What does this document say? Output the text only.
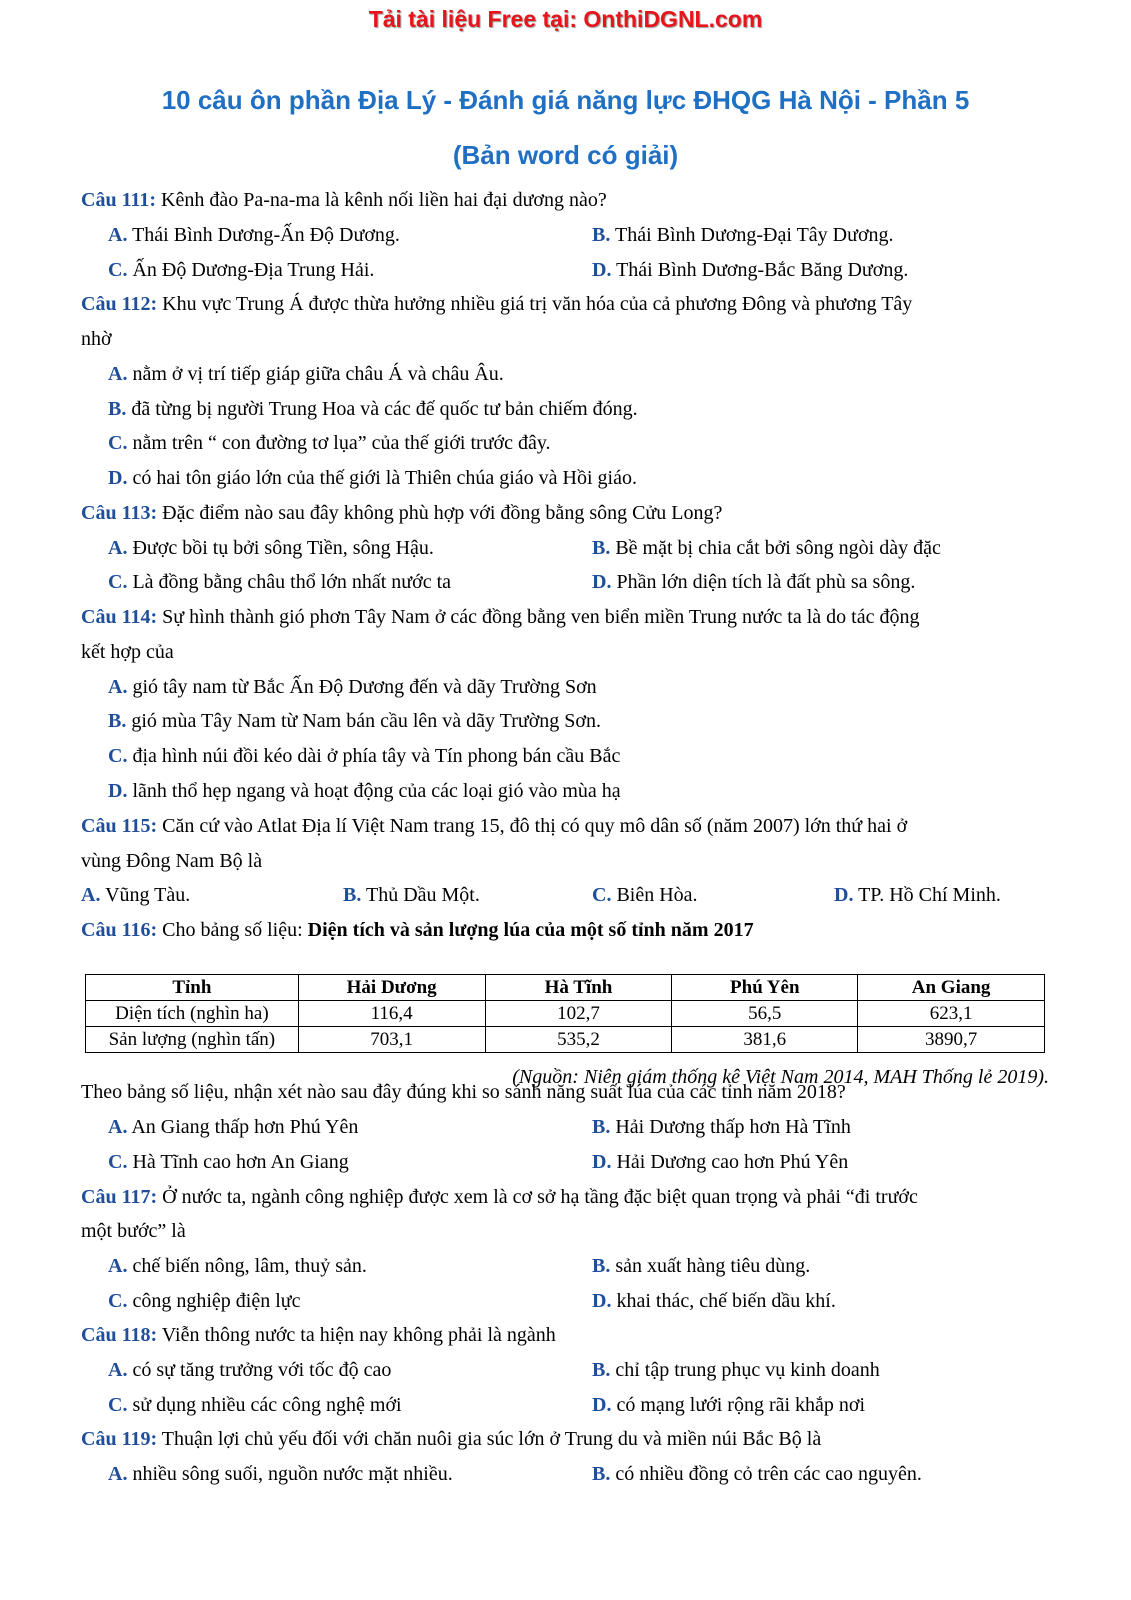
Tải tài liệu Free tại: OnthiDGNL.com
10 câu ôn phần Địa Lý - Đánh giá năng lực ĐHQG Hà Nội - Phần 5
(Bản word có giải)
Câu 111: Kênh đào Pa-na-ma là kênh nối liền hai đại dương nào?
A. Thái Bình Dương-Ấn Độ Dương.	B. Thái Bình Dương-Đại Tây Dương.
C. Ấn Độ Dương-Địa Trung Hải.	D. Thái Bình Dương-Bắc Băng Dương.
Câu 112: Khu vực Trung Á được thừa hưởng nhiều giá trị văn hóa của cả phương Đông và phương Tây
nhờ
A. nằm ở vị trí tiếp giáp giữa châu Á và châu Âu.
B. đã từng bị người Trung Hoa và các đế quốc tư bản chiếm đóng.
C. nằm trên “ con đường tơ lụa” của thế giới trước đây.
D. có hai tôn giáo lớn của thế giới là Thiên chúa giáo và Hồi giáo.
Câu 113: Đặc điểm nào sau đây không phù hợp với đồng bằng sông Cửu Long?
A. Được bồi tụ bởi sông Tiền, sông Hậu.	B. Bề mặt bị chia cắt bởi sông ngòi dày đặc
C. Là đồng bằng châu thổ lớn nhất nước ta	D. Phần lớn diện tích là đất phù sa sông.
Câu 114: Sự hình thành gió phơn Tây Nam ở các đồng bằng ven biển miền Trung nước ta là do tác động
kết hợp của
A. gió tây nam từ Bắc Ấn Độ Dương đến và dãy Trường Sơn
B. gió mùa Tây Nam từ Nam bán cầu lên và dãy Trường Sơn.
C. địa hình núi đồi kéo dài ở phía tây và Tín phong bán cầu Bắc
D. lãnh thổ hẹp ngang và hoạt động của các loại gió vào mùa hạ
Câu 115: Căn cứ vào Atlat Địa lí Việt Nam trang 15, đô thị có quy mô dân số (năm 2007) lớn thứ hai ở
vùng Đông Nam Bộ là
A. Vũng Tàu.	B. Thủ Dầu Một.	C. Biên Hòa.	D. TP. Hồ Chí Minh.
Câu 116: Cho bảng số liệu: Diện tích và sản lượng lúa của một số tỉnh năm 2017
Tỉnh	Hải Dương	Hà Tĩnh	Phú Yên	An Giang
Diện tích (nghìn ha)	116,4	102,7	56,5	623,1
Sản lượng (nghìn tấn)	703,1	535,2	381,6	3890,7
(Nguồn: Niên giám thống kê Việt Nam 2014, MAH Thống lẻ 2019).
Theo bảng số liệu, nhận xét nào sau đây đúng khi so sánh năng suất lúa của các tỉnh năm 2018?
A. An Giang thấp hơn Phú Yên	B. Hải Dương thấp hơn Hà Tĩnh
C. Hà Tĩnh cao hơn An Giang	D. Hải Dương cao hơn Phú Yên
Câu 117: Ở nước ta, ngành công nghiệp được xem là cơ sở hạ tầng đặc biệt quan trọng và phải “đi trước
một bước” là
A. chế biến nông, lâm, thuỷ sản.	B. sản xuất hàng tiêu dùng.
C. công nghiệp điện lực	D. khai thác, chế biến dầu khí.
Câu 118: Viễn thông nước ta hiện nay không phải là ngành
A. có sự tăng trưởng với tốc độ cao	B. chỉ tập trung phục vụ kinh doanh
C. sử dụng nhiều các công nghệ mới	D. có mạng lưới rộng rãi khắp nơi
Câu 119: Thuận lợi chủ yếu đối với chăn nuôi gia súc lớn ở Trung du và miền núi Bắc Bộ là
A. nhiều sông suối, nguồn nước mặt nhiều.	B. có nhiều đồng cỏ trên các cao nguyên.
